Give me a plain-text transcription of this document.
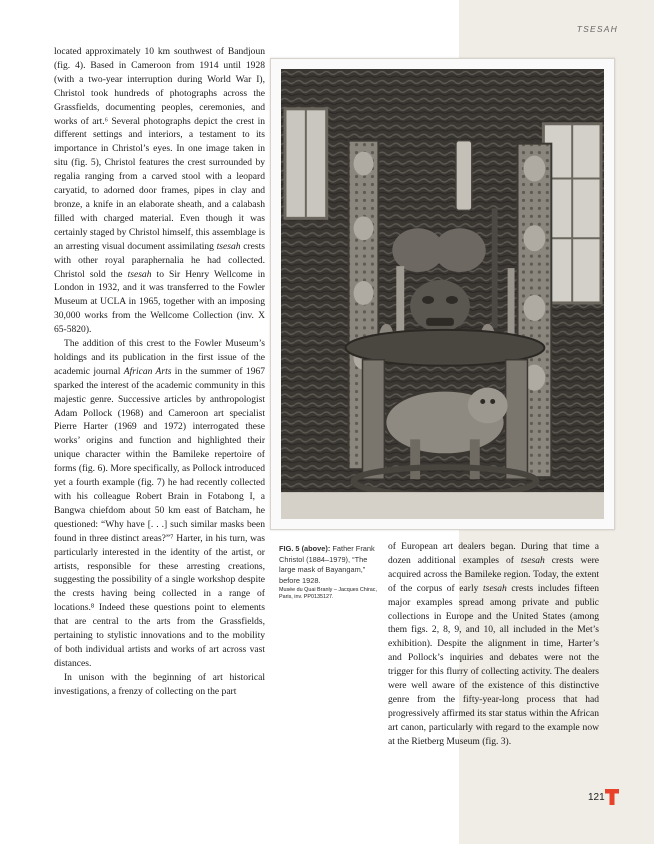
TSESAH

located approximately 10 km southwest of Bandjoun (fig. 4). Based in Cameroon from 1914 until 1928 (with a two-year interruption during World War I), Christol took hundreds of photographs across the Grassfields, documenting peoples, ceremonies, and works of art.⁶ Several photographs depict the crest in different settings and interiors, a testament to its importance in Christol’s eyes. In one image taken in situ (fig. 5), Christol features the crest surrounded by regalia ranging from a carved stool with a leopard caryatid, to adorned door frames, pipes in clay and bronze, a knife in an elaborate sheath, and a calabash filled with charged material. Even though it was certainly staged by Christol himself, this assemblage is an arresting visual document assimilating tsesah crests with other royal paraphernalia he had collected. Christol sold the tsesah to Sir Henry Wellcome in London in 1932, and it was transferred to the Fowler Museum at UCLA in 1965, together with an imposing 30,000 works from the Wellcome Collection (inv. X 65-5820).

The addition of this crest to the Fowler Museum’s holdings and its publication in the first issue of the academic journal African Arts in the summer of 1967 sparked the interest of the academic community in this majestic genre. Successive articles by anthropologist Adam Pollock (1968) and Cameroon art specialist Pierre Harter (1969 and 1972) interrogated these works’ origins and function and highlighted their unique character within the Bamileke repertoire of forms (fig. 6). More specifically, as Pollock introduced yet a fourth example (fig. 7) he had recently collected with his colleague Robert Brain in Fotabong I, a Bangwa chiefdom about 50 km east of Batcham, he questioned: “Why have [. . .] such similar masks been found in three distinct areas?”⁷ Harter, in his turn, was particularly interested in the identity of the artist, or artists, responsible for these arresting creations, suggesting the possibility of a single workshop despite the crests having being collected in a range of locations.⁸ Indeed these questions point to elements that are central to the arts from the Grassfields, pertaining to stylistic innovations and to the mobility of both individual artists and works of art across vast distances.

In unison with the beginning of art historical investigations, a frenzy of collecting on the part

FIG. 5 (above): Father Frank Christol (1884–1979), “The large mask of Bayangam,” before 1928.
Musée du Quai Branly – Jacques Chirac, Paris, inv. PP0135127.

of European art dealers began. During that time a dozen additional examples of tsesah crests were acquired across the Bamileke region. Today, the extent of the corpus of early tsesah crests includes fifteen major examples spread among private and public collections in Europe and the United States (among them figs. 2, 8, 9, and 10, all included in the Met’s exhibition). Despite the alignment in time, Harter’s and Pollock’s inquiries and debates were not the trigger for this flurry of collecting activity. The dealers were well aware of the existence of this distinctive genre from the fifty-year-long process that had progressively affirmed its star status within the African art canon, particularly with regard to the example now at the Rietberg Museum (fig. 3).

121
